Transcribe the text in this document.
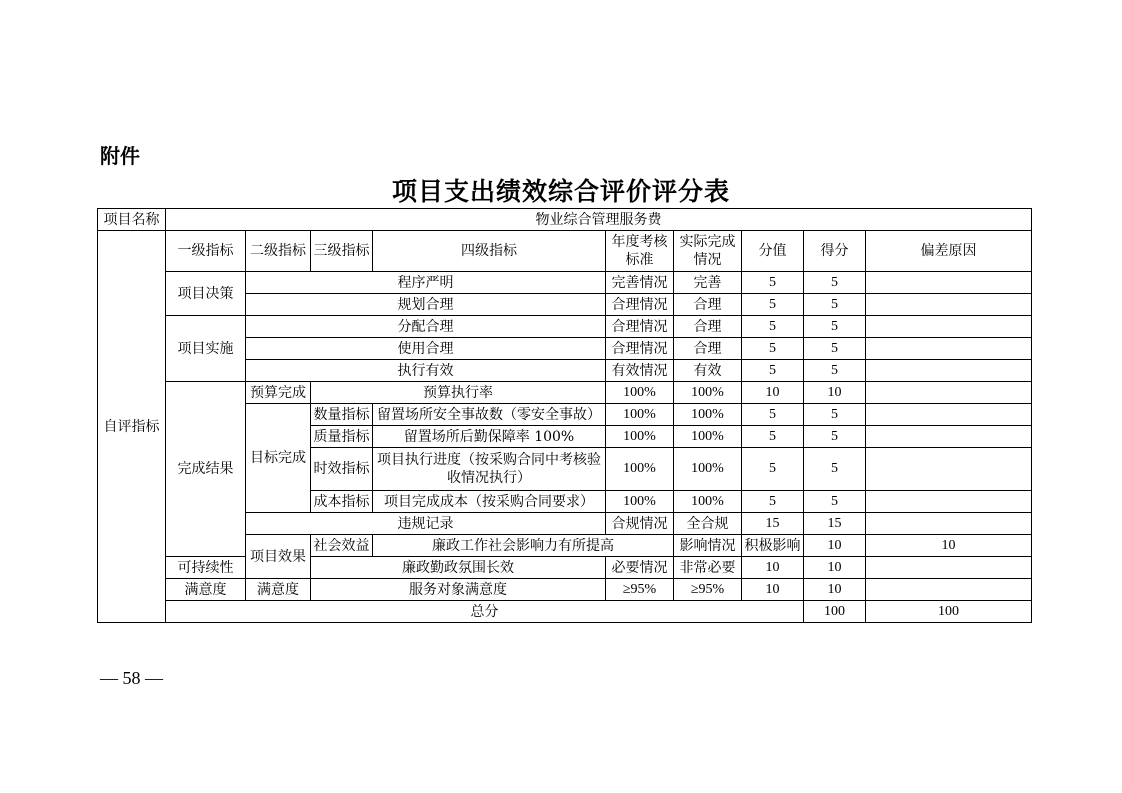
附件
项目支出绩效综合评价评分表
项目名称	物业综合管理服务费									
自评指标	一级指标	二级指标	三级指标	四级指标	年度考核标准	实际完成情况	分值	得分	偏差原因	
	项目决策	程序严明			完善情况	完善	5	5		
		规划合理			合理情况	合理	5	5		
	项目实施	分配合理			合理情况	合理	5	5		
		使用合理			合理情况	合理	5	5		
		执行有效			有效情况	有效	5	5		
	完成结果	预算完成	预算执行率		100%	100%	10	10		
		目标完成	数量指标	留置场所安全事故数（零安全事故）	100%	100%	5	5		
			质量指标	留置场所后勤保障率 100%	100%	100%	5	5		
			时效指标	项目执行进度（按采购合同中考核验收情况执行）	100%	100%	5	5		
			成本指标	项目完成成本（按采购合同要求）	100%	100%	5	5		
		违规记录			合规情况	全合规	15	15		
		项目效果	社会效益	廉政工作社会影响力有所提高		影响情况	积极影响	10	10	
	可持续性		廉政勤政氛围长效		必要情况	非常必要	10	10		
	满意度	满意度	服务对象满意度		≥95%	≥95%	10	10		
	总分							100	100	
— 58 —
